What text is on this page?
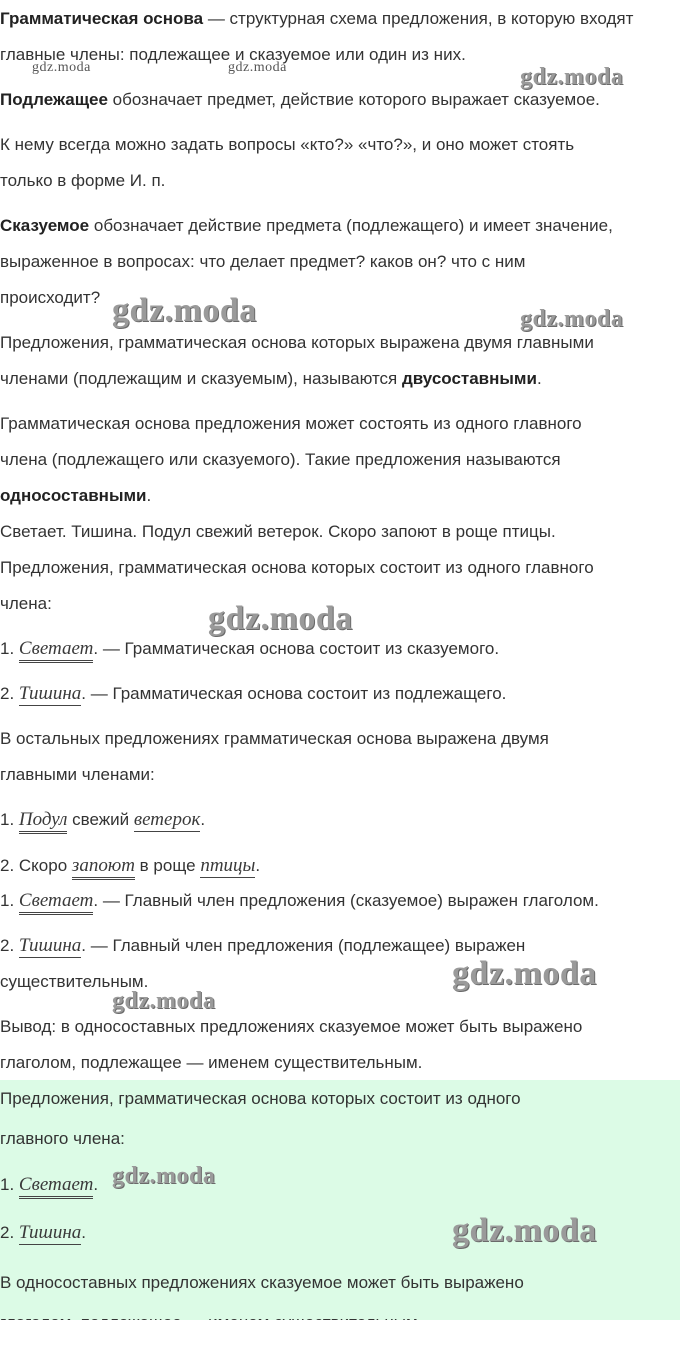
Грамматическая основа — структурная схема предложения, в которую входят
главные члены: подлежащее и сказуемое или один из них.
Подлежащее обозначает предмет, действие которого выражает сказуемое.
К нему всегда можно задать вопросы «кто?» «что?», и оно может стоять
только в форме И. п.
Сказуемое обозначает действие предмета (подлежащего) и имеет значение,
выраженное в вопросах: что делает предмет? каков он? что с ним
происходит?
Предложения, грамматическая основа которых выражена двумя главными
членами (подлежащим и сказуемым), называются двусоставными.
Грамматическая основа предложения может состоять из одного главного
члена (подлежащего или сказуемого). Такие предложения называются
односоставными.
Светает. Тишина. Подул свежий ветерок. Скоро запоют в роще птицы.
Предложения, грамматическая основа которых состоит из одного главного
члена:
1. Светает. — Грамматическая основа состоит из сказуемого.
2. Тишина. — Грамматическая основа состоит из подлежащего.
В остальных предложениях грамматическая основа выражена двумя
главными членами:
1. Подул свежий ветерок.
2. Скоро запоют в роще птицы.
1. Светает. — Главный член предложения (сказуемое) выражен глаголом.
2. Тишина. — Главный член предложения (подлежащее) выражен
существительным.
Вывод: в односоставных предложениях сказуемое может быть выражено
глаголом, подлежащее — именем существительным.
Предложения, грамматическая основа которых состоит из одного
главного члена:
1. Светает.
2. Тишина.
В односоставных предложениях сказуемое может быть выражено
gdz.moda	gdz.moda	gdz.moda
gdz.moda	gdz.moda
gdz.moda
gdz.moda
gdz.moda
gdz.moda
gdz.moda
